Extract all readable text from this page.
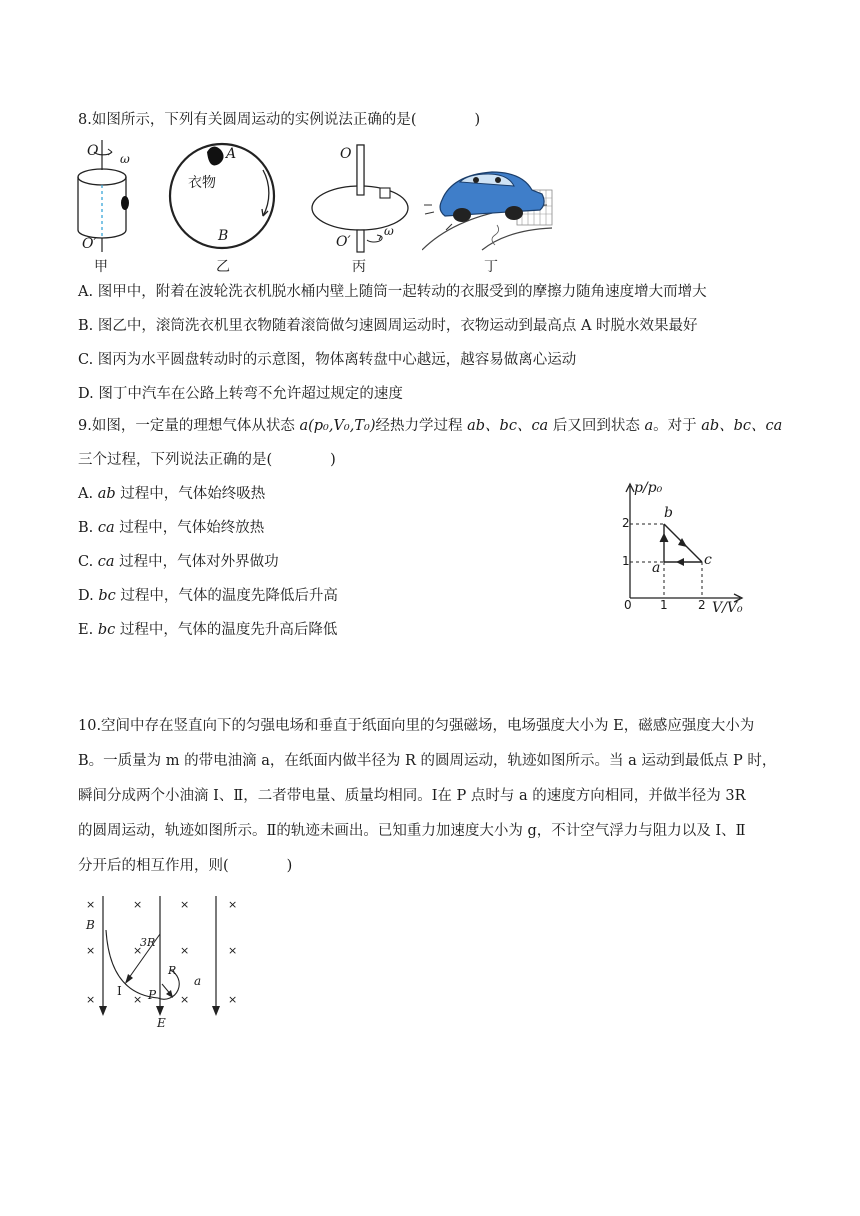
8.如图所示，下列有关圆周运动的实例说法正确的是(　　　　)
O ω
O′
甲
A
衣物
B
乙
O
O′
ω
丙	丁
A. 图甲中，附着在波轮洗衣机脱水桶内壁上随筒一起转动的衣服受到的摩擦力随角速度增大而增大
B. 图乙中，滚筒洗衣机里衣物随着滚筒做匀速圆周运动时，衣物运动到最高点 A 时脱水效果最好
C. 图丙为水平圆盘转动时的示意图，物体离转盘中心越远，越容易做离心运动
D. 图丁中汽车在公路上转弯不允许超过规定的速度
9.如图，一定量的理想气体从状态 a(p₀,V₀,T₀)经热力学过程 ab、bc、ca 后又回到状态 a。对于 ab、bc、ca
三个过程，下列说法正确的是(　　　　)
A. ab 过程中，气体始终吸热
B. ca 过程中，气体始终放热
C. ca 过程中，气体对外界做功
D. bc 过程中，气体的温度先降低后升高
E. bc 过程中，气体的温度先升高后降低
p/p₀
V/V₀
2
1
0 1	2
b
a	c
10.空间中存在竖直向下的匀强电场和垂直于纸面向里的匀强磁场，电场强度大小为 E，磁感应强度大小为
B。一质量为 m 的带电油滴 a，在纸面内做半径为 R 的圆周运动，轨迹如图所示。当 a 运动到最低点 P 时，
瞬间分成两个小油滴 Ⅰ、Ⅱ，二者带电量、质量均相同。Ⅰ在 P 点时与 a 的速度方向相同，并做半径为 3R
的圆周运动，轨迹如图所示。Ⅱ的轨迹未画出。已知重力加速度大小为 g，不计空气浮力与阻力以及 Ⅰ、Ⅱ
分开后的相互作用，则(　　　　)
×	×	×	×
×	×	×	×
×	×	×	×
B
3R
R
a
I P
E
